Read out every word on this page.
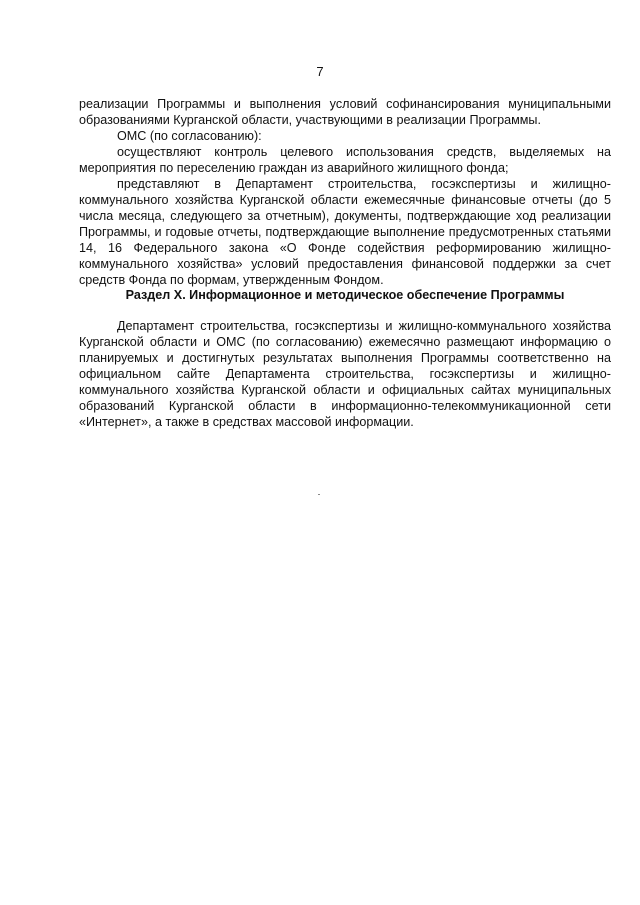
7

реализации Программы и выполнения условий софинансирования муниципальными образованиями Курганской области, участвующими в реализации Программы.

ОМС (по согласованию):

осуществляют контроль целевого использования средств, выделяемых на мероприятия по переселению граждан из аварийного жилищного фонда;

представляют в Департамент строительства, госэкспертизы и жилищно-коммунального хозяйства Курганской области ежемесячные финансовые отчеты (до 5 числа месяца, следующего за отчетным), документы, подтверждающие ход реализации Программы, и годовые отчеты, подтверждающие выполнение предусмотренных статьями 14, 16 Федерального закона «О Фонде содействия реформированию жилищно-коммунального хозяйства» условий предоставления финансовой поддержки за счет средств Фонда по формам, утвержденным Фондом.

Раздел X. Информационное и методическое обеспечение Программы

Департамент строительства, госэкспертизы и жилищно-коммунального хозяйства Курганской области и ОМС (по согласованию) ежемесячно размещают информацию о планируемых и достигнутых результатах выполнения Программы соответственно на официальном сайте Департамента строительства, госэкспертизы и жилищно-коммунального хозяйства Курганской области и официальных сайтах муниципальных образований Курганской области в информационно-телекоммуникационной сети «Интернет», а также в средствах массовой информации.
